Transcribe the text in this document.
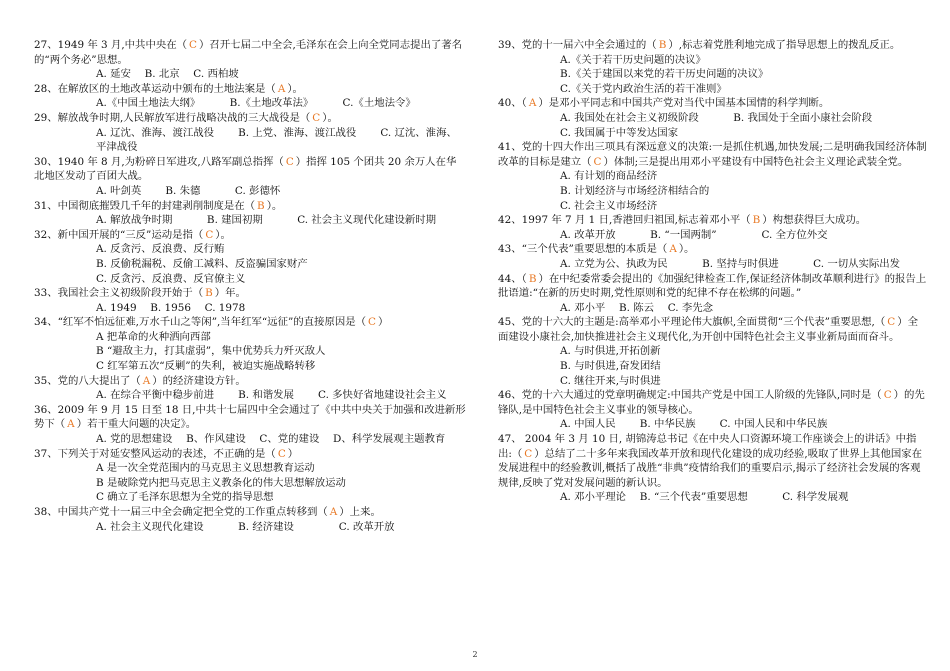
27、1949 年 3 月,中共中央在（ C ）召开七届二中全会,毛泽东在会上向全党同志提出了著名的“两个务必”思想。

A. 延安　 B. 北京　 C. 西柏坡

28、在解放区的土地改革运动中颁布的土地法案是（ A ）。

A.《中国土地法大纲》　　　 B.《土地改革法》　　　 C.《土地法令》

29、解放战争时期,人民解放军进行战略决战的三大战役是（ C ）。

A. 辽沈、淮海、渡江战役　　 B. 上党、淮海、渡江战役　　 C. 辽沈、淮海、平津战役

30、1940 年 8 月,为粉碎日军进攻,八路军副总指挥（ C ）指挥 105 个团共 20 余万人在华北地区发动了百团大战。

A. 叶剑英　　 B. 朱德　　　 C. 彭德怀

31、中国彻底摧毁几千年的封建剥削制度是在（ B ）。

A. 解放战争时期　　　 B. 建国初期　　　 C. 社会主义现代化建设新时期

32、新中国开展的“三反”运动是指（ C ）。

A. 反贪污、反浪费、反行贿

B. 反偷税漏税、反偷工减料、反盗骗国家财产

C. 反贪污、反浪费、反官僚主义

33、我国社会主义初级阶段开始于（ B ）年。

A. 1949　 B. 1956　 C. 1978

34、“红军不怕远征难,万水千山之等闲”,当年红军“远征”的直接原因是（ C ）

A 把革命的火种洒向西部

B “避敌主力，打其虚弱”，集中优势兵力歼灭敌人

C 红军第五次“反剿”的失利，被迫实施战略转移

35、党的八大提出了（ A ）的经济建设方针。

A. 在综合平衡中稳步前进　　 B. 和谐发展　　 C. 多快好省地建设社会主义

36、2009 年 9 月 15 日至 18 日,中共十七届四中全会通过了《中共中央关于加强和改进新形势下（ A ）若干重大问题的决定》。

A. 党的思想建设　 B、作风建设　 C、党的建设　 D、科学发展观主题教育

37、下列关于对延安整风运动的表述，不正确的是（ C ）

A 是一次全党范围内的马克思主义思想教育运动

B 是破除党内把马克思主义教条化的伟大思想解放运动

C 确立了毛泽东思想为全党的指导思想

38、中国共产党十一届三中全会确定把全党的工作重点转移到（ A ）上来。

A. 社会主义现代化建设　　　 B. 经济建设　　　　 C. 改革开放

39、党的十一届六中全会通过的（ B ）,标志着党胜利地完成了指导思想上的拨乱反正。

A.《关于若干历史问题的决议》

B.《关于建国以来党的若干历史问题的决议》

C.《关于党内政治生活的若干准则》

40、（ A ）是邓小平同志和中国共产党对当代中国基本国情的科学判断。

A. 我国处在社会主义初级阶段　　　 B. 我国处于全面小康社会阶段

C. 我国属于中等发达国家

41、党的十四大作出三项具有深远意义的决策:一是抓住机遇,加快发展;二是明确我国经济体制改革的目标是建立（ C ）体制;三是提出用邓小平建设有中国特色社会主义理论武装全党。

A. 有计划的商品经济

B. 计划经济与市场经济相结合的

C. 社会主义市场经济

42、1997 年 7 月 1 日,香港回归祖国,标志着邓小平（ B ）构想获得巨大成功。

A. 改革开放　　　 B. “一国两制”　　　　 C. 全方位外交

43、“三个代表”重要思想的本质是（ A ）。

A. 立党为公、执政为民　　　 B. 坚持与时俱进　　　 C. 一切从实际出发

44、（ B ）在中纪委常委会提出的《加强纪律检查工作,保证经济体制改革顺利进行》的报告上批语道:“在新的历史时期,党性原则和党的纪律不存在松绑的问题。”

A. 邓小平　 B. 陈云　 C. 李先念

45、党的十六大的主题是:高举邓小平理论伟大旗帜,全面贯彻“三个代表”重要思想,（ C ）全面建设小康社会,加快推进社会主义现代化,为开创中国特色社会主义事业新局面而奋斗。

A. 与时俱进,开拓创新

B. 与时俱进,奋发团结

C. 继往开来,与时俱进

46、党的十六大通过的党章明确规定:中国共产党是中国工人阶级的先锋队,同时是（ C ）的先锋队,是中国特色社会主义事业的领导核心。

A. 中国人民　　 B. 中华民族　　 C. 中国人民和中华民族

47、 2004 年 3 月 10 日, 胡锦涛总书记《在中央人口资源环境工作座谈会上的讲话》中指出:（ C ）总结了二十多年来我国改革开放和现代化建设的成功经验,吸取了世界上其他国家在发展进程中的经验教训,概括了战胜“非典”疫情给我们的重要启示,揭示了经济社会发展的客观规律,反映了党对发展问题的新认识。

A. 邓小平理论　 B. “三个代表”重要思想　　　 C. 科学发展观

2
